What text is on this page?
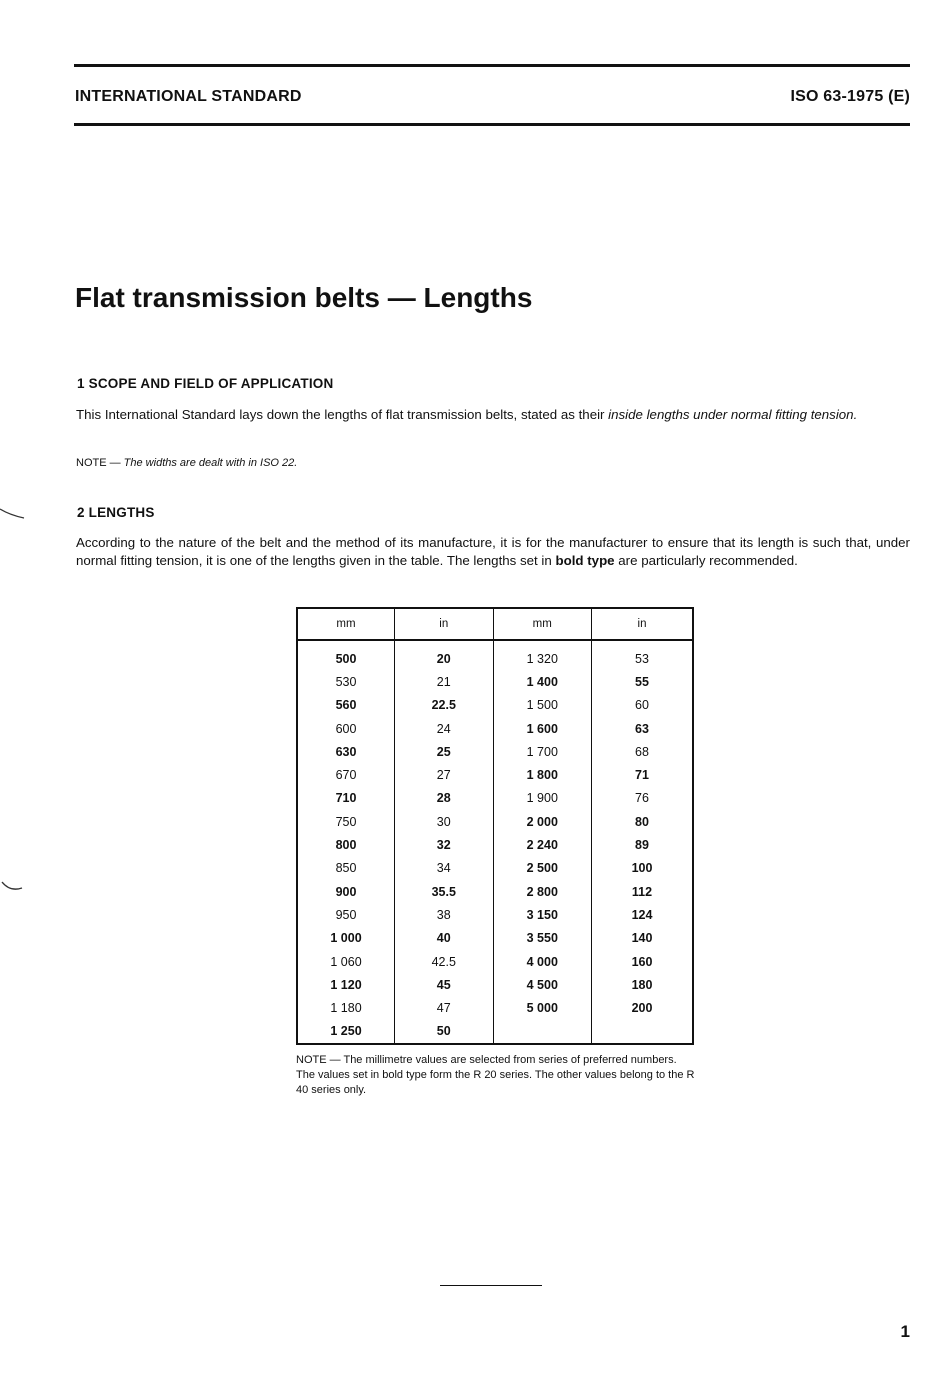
INTERNATIONAL STANDARD	ISO 63-1975 (E)
Flat transmission belts — Lengths
1 SCOPE AND FIELD OF APPLICATION
This International Standard lays down the lengths of flat transmission belts, stated as their inside lengths under normal fitting tension.
NOTE — The widths are dealt with in ISO 22.
2 LENGTHS
According to the nature of the belt and the method of its manufacture, it is for the manufacturer to ensure that its length is such that, under normal fitting tension, it is one of the lengths given in the table. The lengths set in bold type are particularly recommended.
mm	in	mm	in
500	20	1 320	53
530	21	1 400	55
560	22.5	1 500	60
600	24	1 600	63
630	25	1 700	68
670	27	1 800	71
710	28	1 900	76
750	30	2 000	80
800	32	2 240	89
850	34	2 500	100
900	35.5	2 800	112
950	38	3 150	124
1 000	40	3 550	140
1 060	42.5	4 000	160
1 120	45	4 500	180
1 180	47	5 000	200
1 250	50		
NOTE — The millimetre values are selected from series of preferred numbers. The values set in bold type form the R 20 series. The other values belong to the R 40 series only.
1
